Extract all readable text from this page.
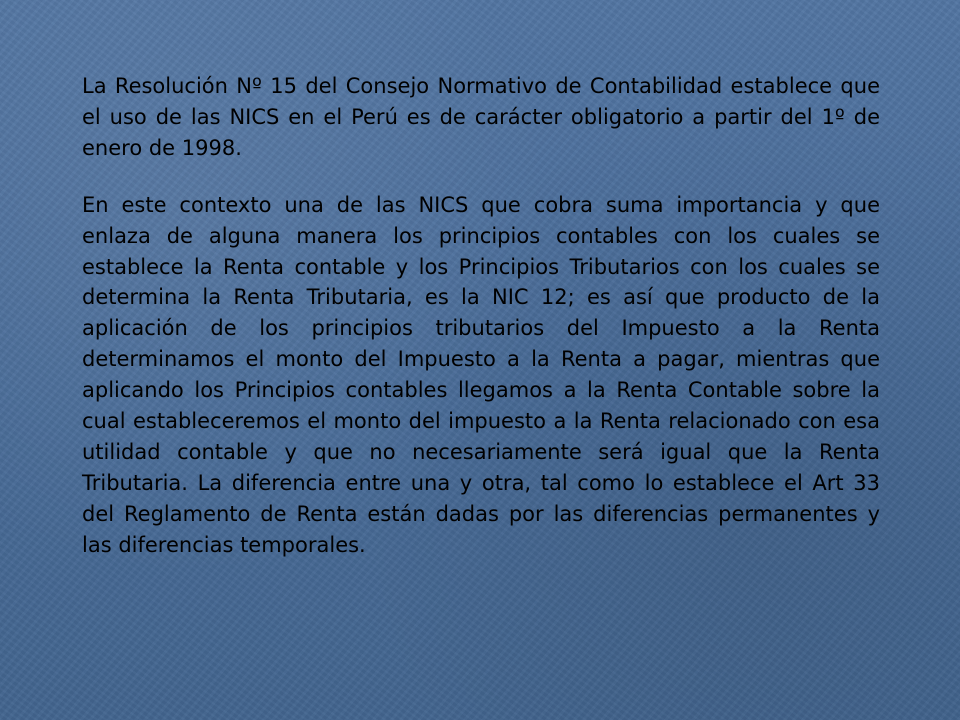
La Resolución Nº 15 del Consejo Normativo de Contabilidad establece que el uso de las NICS en el Perú es de carácter obligatorio a partir del 1º de enero de 1998.

En este contexto una de las NICS que cobra suma importancia y que enlaza de alguna manera los principios contables con los cuales se establece la Renta contable y los Principios Tributarios con los cuales se determina la Renta Tributaria, es la NIC 12; es así que producto de la aplicación de los principios tributarios del Impuesto a la Renta determinamos el monto del Impuesto a la Renta a pagar, mientras que aplicando los Principios contables llegamos a la Renta Contable sobre la cual estableceremos el monto del impuesto a la Renta relacionado con esa utilidad contable y que no necesariamente será igual que la Renta Tributaria. La diferencia entre una y otra, tal como lo establece el Art 33 del Reglamento de Renta están dadas por las diferencias permanentes y las diferencias temporales.
